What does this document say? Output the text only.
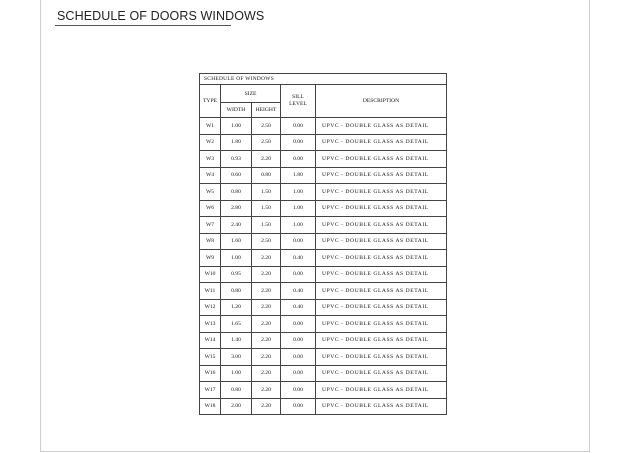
SCHEDULE OF DOORS WINDOWS
SCHEDULE OF WINDOWS				
TYPE	SIZE		SILL LEVEL	DESCRIPTION
	WIDTH	HEIGHT		
W1	1.00	2.50	0.00	UPVC - DOUBLE GLASS AS DETAIL
W2	1.80	2.50	0.00	UPVC - DOUBLE GLASS AS DETAIL
W3	0.93	2.20	0.00	UPVC - DOUBLE GLASS AS DETAIL
W4	0.60	0.80	1.80	UPVC - DOUBLE GLASS AS DETAIL
W5	0.80	1.50	1.00	UPVC - DOUBLE GLASS AS DETAIL
W6	2.80	1.50	1.00	UPVC - DOUBLE GLASS AS DETAIL
W7	2.40	1.50	1.00	UPVC - DOUBLE GLASS AS DETAIL
W8	1.60	2.50	0.00	UPVC - DOUBLE GLASS AS DETAIL
W9	1.00	2.20	0.40	UPVC - DOUBLE GLASS AS DETAIL
W10	0.95	2.20	0.00	UPVC - DOUBLE GLASS AS DETAIL
W11	0.80	2.20	0.40	UPVC - DOUBLE GLASS AS DETAIL
W12	1.20	2.20	0.40	UPVC - DOUBLE GLASS AS DETAIL
W13	1.65	2.20	0.00	UPVC - DOUBLE GLASS AS DETAIL
W14	1.40	2.20	0.00	UPVC - DOUBLE GLASS AS DETAIL
W15	3.00	2.20	0.00	UPVC - DOUBLE GLASS AS DETAIL
W16	1.00	2.20	0.00	UPVC - DOUBLE GLASS AS DETAIL
W17	0.80	2.20	0.00	UPVC - DOUBLE GLASS AS DETAIL
W18	2.00	2.20	0.00	UPVC - DOUBLE GLASS AS DETAIL
